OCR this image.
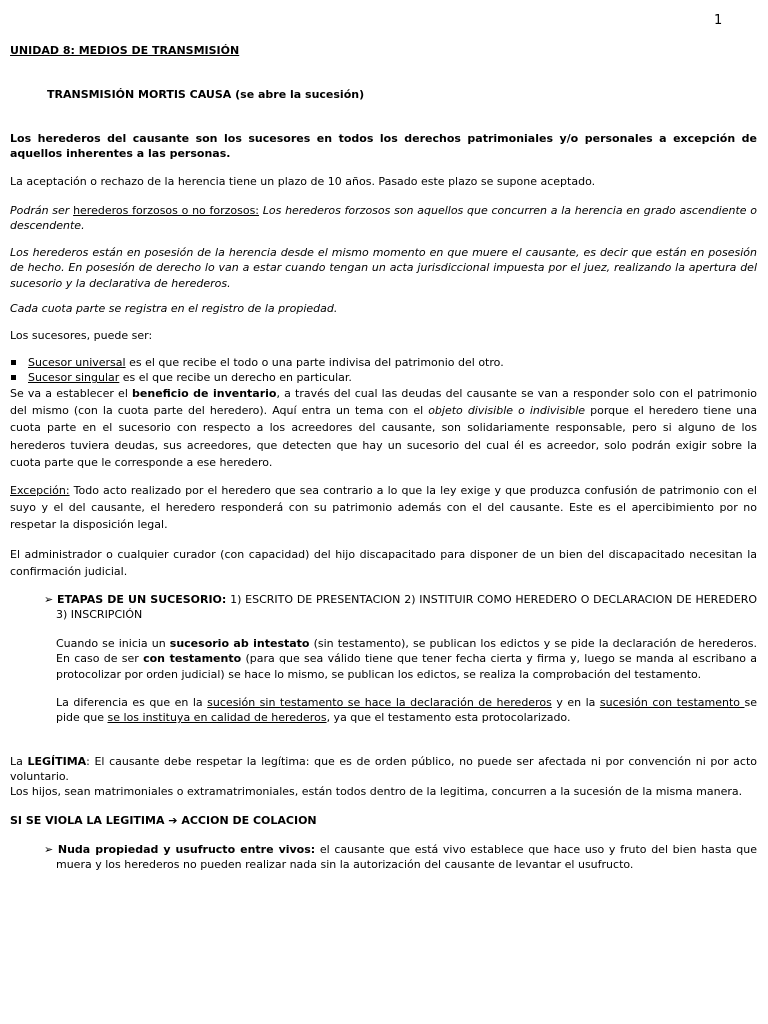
1
UNIDAD 8: MEDIOS DE TRANSMISIÓN
TRANSMISIÓN MORTIS CAUSA (se abre la sucesión)

Los herederos del causante son los sucesores en todos los derechos patrimoniales y/o personales a excepción de aquellos inherentes a las personas.

La aceptación o rechazo de la herencia tiene un plazo de 10 años. Pasado este plazo se supone aceptado.

Podrán ser herederos forzosos o no forzosos: Los herederos forzosos son aquellos que concurren a la herencia en grado ascendiente o descendente.

Los herederos están en posesión de la herencia desde el mismo momento en que muere el causante, es decir que están en posesión de hecho. En posesión de derecho lo van a estar cuando tengan un acta jurisdiccional impuesta por el juez, realizando la apertura del sucesorio y la declarativa de herederos.

Cada cuota parte se registra en el registro de la propiedad.

Los sucesores, puede ser:

Sucesor universal es el que recibe el todo o una parte indivisa del patrimonio del otro.
Sucesor singular es el que recibe un derecho en particular.

Se va a establecer el beneficio de inventario, a través del cual las deudas del causante se van a responder solo con el patrimonio del mismo (con la cuota parte del heredero). Aquí entra un tema con el objeto divisible o indivisible porque el heredero tiene una cuota parte en el sucesorio con respecto a los acreedores del causante, son solidariamente responsable, pero si alguno de los herederos tuviera deudas, sus acreedores, que detecten que hay un sucesorio del cual él es acreedor, solo podrán exigir sobre la cuota parte que le corresponde a ese heredero.

Excepción: Todo acto realizado por el heredero que sea contrario a lo que la ley exige y que produzca confusión de patrimonio con el suyo y el del causante, el heredero responderá con su patrimonio además con el del causante. Este es el apercibimiento por no respetar la disposición legal.

El administrador o cualquier curador (con capacidad) del hijo discapacitado para disponer de un bien del discapacitado necesitan la confirmación judicial.

➢ ETAPAS DE UN SUCESORIO: 1) ESCRITO DE PRESENTACION 2) INSTITUIR COMO HEREDERO O DECLARACION DE HEREDERO 3) INSCRIPCIÓN

Cuando se inicia un sucesorio ab intestato (sin testamento), se publican los edictos y se pide la declaración de herederos. En caso de ser con testamento (para que sea válido tiene que tener fecha cierta y firma y, luego se manda al escribano a protocolizar por orden judicial) se hace lo mismo, se publican los edictos, se realiza la comprobación del testamento.

La diferencia es que en la sucesión sin testamento se hace la declaración de herederos y en la sucesión con testamento se pide que se los instituya en calidad de herederos, ya que el testamento esta protocolarizado.

La LEGÍTIMA: El causante debe respetar la legítima: que es de orden público, no puede ser afectada ni por convención ni por acto voluntario.

Los hijos, sean matrimoniales o extramatrimoniales, están todos dentro de la legitima, concurren a la sucesión de la misma manera.

SI SE VIOLA LA LEGITIMA ➔ ACCION DE COLACION

➢ Nuda propiedad y usufructo entre vivos: el causante que está vivo establece que hace uso y fruto del bien hasta que muera y los herederos no pueden realizar nada sin la autorización del causante de levantar el usufructo.
